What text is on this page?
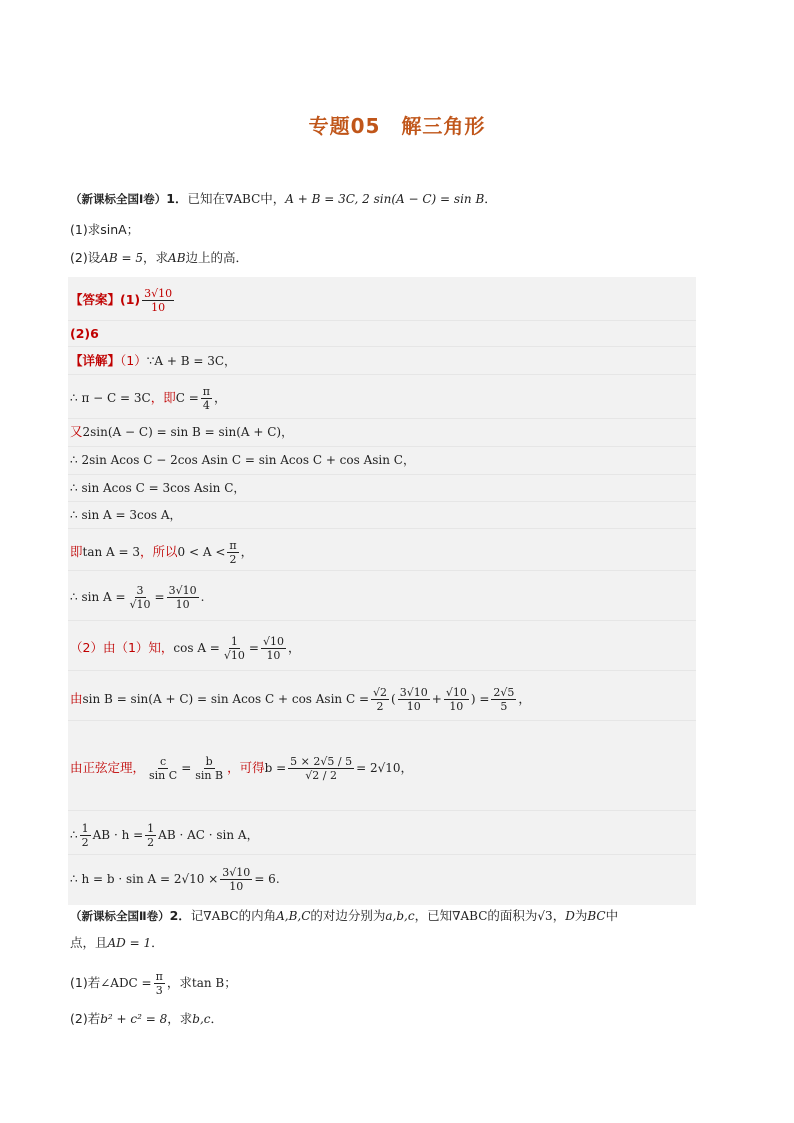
专题05　解三角形
（新课标全国Ⅰ卷）1．已知在∇ABC中，A + B = 3C, 2 sin(A − C) = sin B．
(1)求sinA；
(2)设AB = 5，求AB边上的高．
【答案】$(1) \frac{3√10}{10}$
(2)6
【详解】（1）∵A + B = 3C，
∴ π − C = 3C，即$C = \frac{\pi}{4}$ ，
又2sin(A − C) = sin B = sin(A + C)，
∴ 2sin Acos C − 2cos Asin C = sin Acos C + cos Asin C，
∴ sin Acos C = 3cos Asin C，
∴ sin A = 3cos A，
即tan A = 3，所以$0 < A < \frac{\pi}{2}$ ，
∴ $\sin A = \frac{3}{√10} = \frac{3√10}{10}$ .
（2）由（1）知，$\cos A = \frac{1}{√10} = \frac{√10}{10}$ ，
由sin B = sin(A + C) = sin Acos C + cos Asin $C = \frac{√2}{2}$ ( $\frac{3√10}{10} + \frac{√10}{10}$ ) = $\frac{2√5}{5}$ ，
由正弦定理， $\frac{c}{\text{sin C}} = \frac{b}{\text{sin B}}$ ，可得$b = \frac{5 \times 2√5 / 5}{√2 / 2} = 2√10$，
∴ $\frac{1}{2}$ AB · $h = \frac{1}{2}$ AB · AC · sin A，
∴ $h = b \cdot \sin A = 2√10 \times \frac{3√10}{10} = 6$.
（新课标全国Ⅱ卷）2．记∇ABC的内角A,B,C的对边分别为a,b,c，已知∇ABC的面积为√3，D为BC中
点，且AD = 1．
(1)若∠ADC = $\frac{\pi}{3}$ ，求tan B；
(2)若b² + c² = 8，求b,c．
